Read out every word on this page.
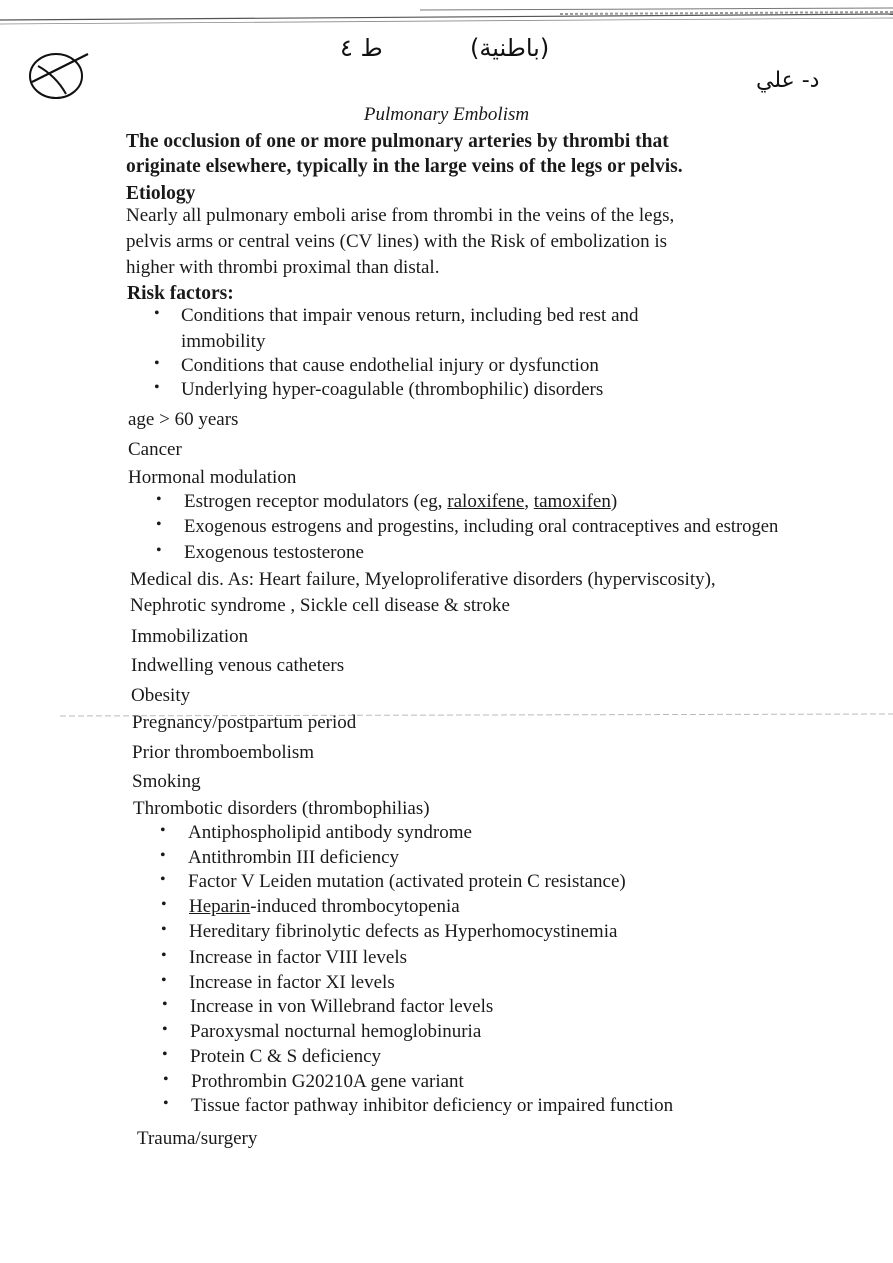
ط ٤	(باطنية)
د- علي
Pulmonary Embolism
The occlusion of one or more pulmonary arteries by thrombi that
originate elsewhere, typically in the large veins of the legs or pelvis.
Etiology
Nearly all pulmonary emboli arise from thrombi in the veins of the legs,
pelvis arms or central veins (CV lines) with the Risk of embolization is
higher with thrombi proximal than distal.
Risk factors:
• Conditions that impair venous return, including bed rest and
immobility
• Conditions that cause endothelial injury or dysfunction
• Underlying hyper-coagulable (thrombophilic) disorders
age > 60 years
Cancer
Hormonal modulation
• Estrogen receptor modulators (eg, raloxifene, tamoxifen)
• Exogenous estrogens and progestins, including oral contraceptives and estrogen
• Exogenous testosterone
Medical dis. As: Heart failure, Myeloproliferative disorders (hyperviscosity),
Nephrotic syndrome , Sickle cell disease & stroke
Immobilization
Indwelling venous catheters
Obesity
Pregnancy/postpartum period
Prior thromboembolism
Smoking
Thrombotic disorders (thrombophilias)
• Antiphospholipid antibody syndrome
• Antithrombin III deficiency
• Factor V Leiden mutation (activated protein C resistance)
• Heparin-induced thrombocytopenia
• Hereditary fibrinolytic defects as Hyperhomocystinemia
• Increase in factor VIII levels
• Increase in factor XI levels
• Increase in von Willebrand factor levels
• Paroxysmal nocturnal hemoglobinuria
• Protein C & S deficiency
• Prothrombin G20210A gene variant
• Tissue factor pathway inhibitor deficiency or impaired function
Trauma/surgery
